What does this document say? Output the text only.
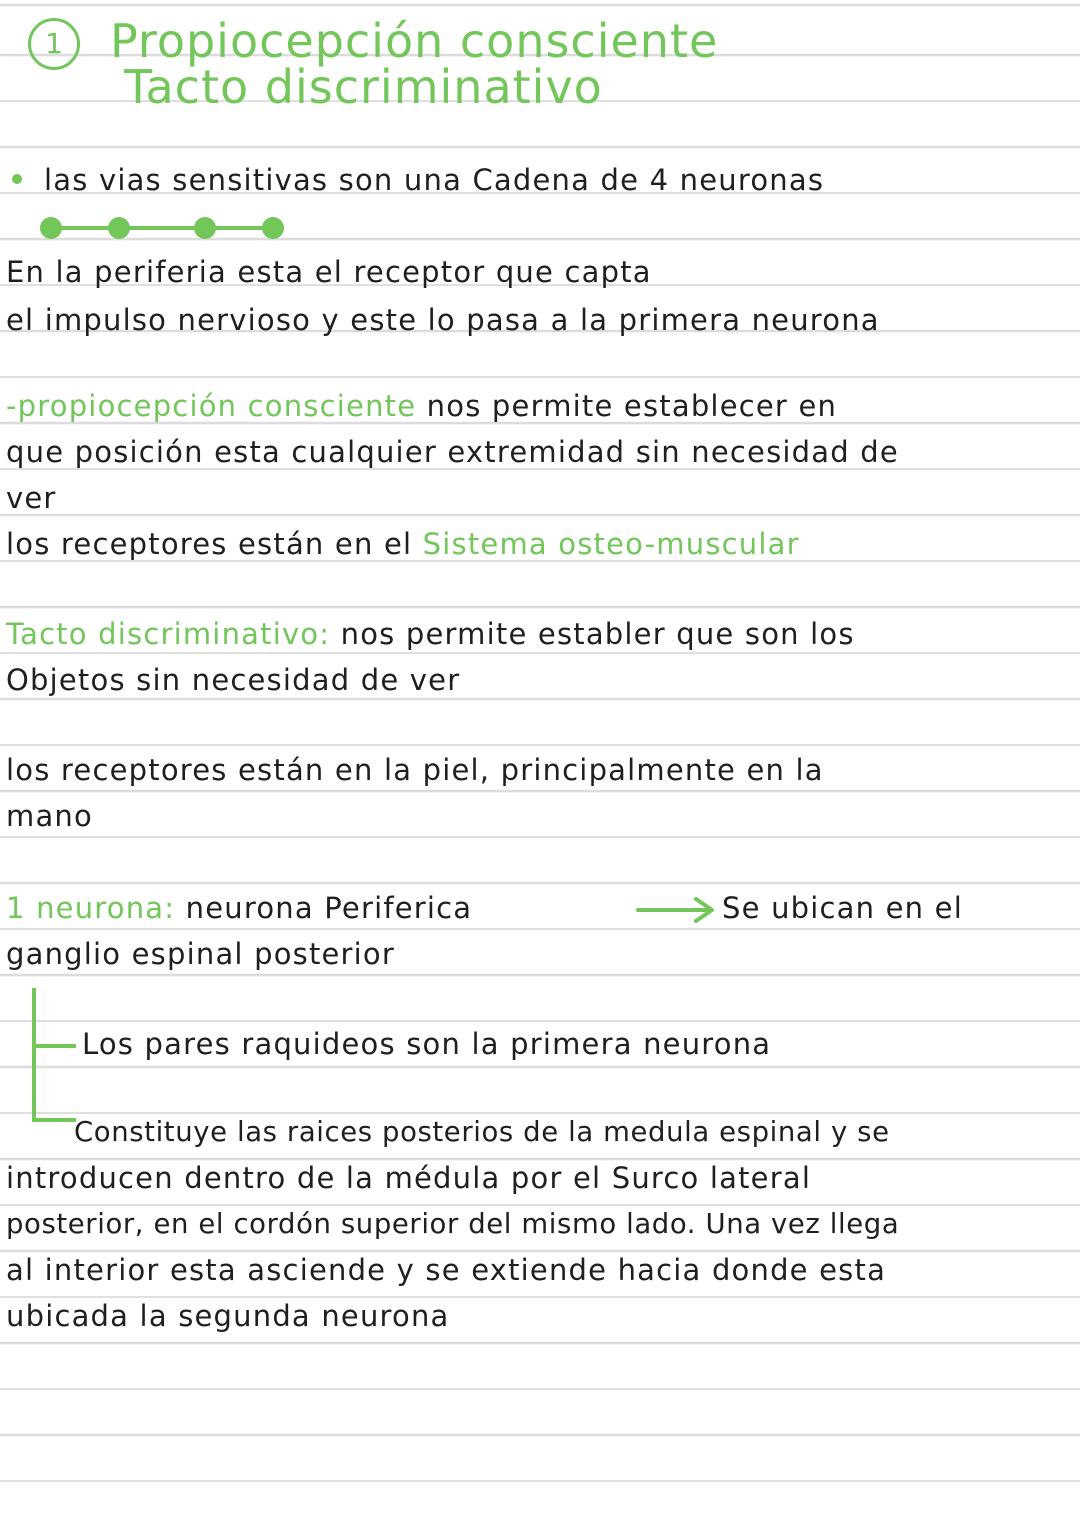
1	Propiocepción consciente
Tacto discriminativo
las vias sensitivas son una Cadena de 4 neuronas
En la periferia esta el receptor que capta
el impulso nervioso y este lo pasa a la primera neurona
-propiocepción consciente nos permite establecer en
que posición esta cualquier extremidad sin necesidad de
ver
los receptores están en el Sistema osteo-muscular
Tacto discriminativo: nos permite establer que son los
Objetos sin necesidad de ver
los receptores están en la piel, principalmente en la
mano
1 neurona: neurona Periferica	Se ubican en el
ganglio espinal posterior
Los pares raquideos son la primera neurona
Constituye las raices posterios de la medula espinal y se
introducen dentro de la médula por el Surco lateral
posterior, en el cordón superior del mismo lado. Una vez llega
al interior esta asciende y se extiende hacia donde esta
ubicada la segunda neurona
